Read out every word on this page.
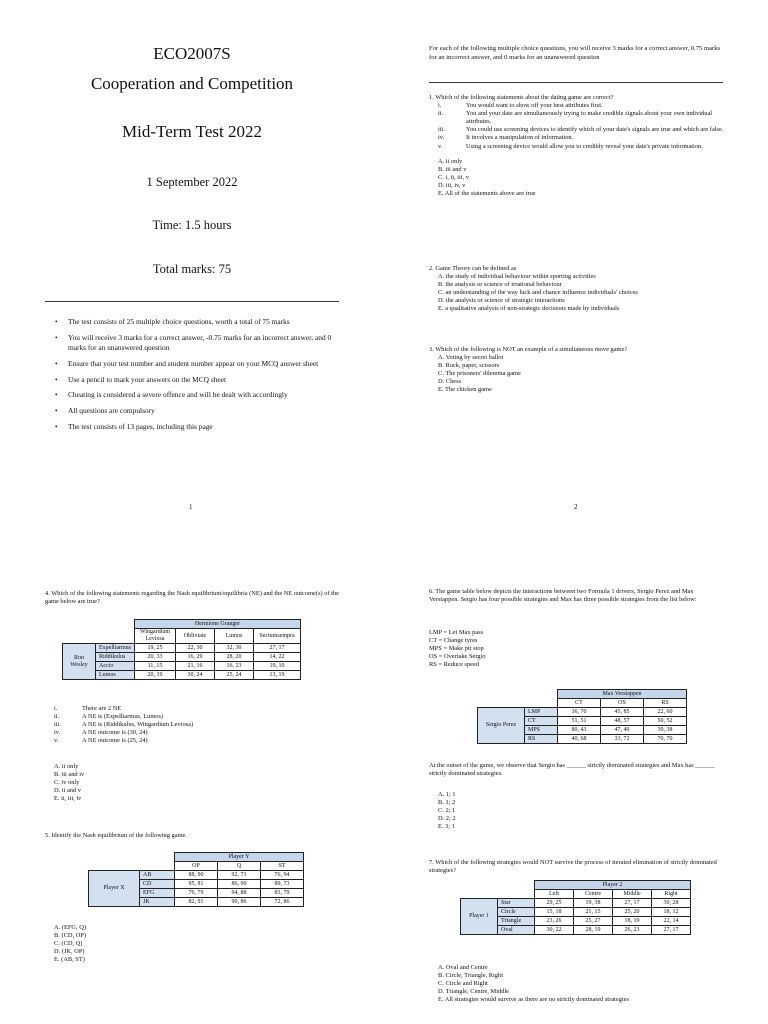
ECO2007S
Cooperation and Competition
Mid-Term Test 2022
1 September 2022
Time: 1.5 hours
Total marks: 75
• The test consists of 25 multiple choice questions, worth a total of 75 marks
• You will receive 3 marks for a correct answer, -0.75 marks for an incorrect answer, and 0 marks for an unanswered question
• Ensure that your test number and student number appear on your MCQ answer sheet
• Use a pencil to mark your answers on the MCQ sheet
• Cheating is considered a severe offence and will be dealt with accordingly
• All questions are compulsory
• The test consists of 13 pages, including this page
1
For each of the following multiple choice questions, you will receive 3 marks for a correct answer, 0.75 marks for an incorrect answer, and 0 marks for an unanswered question
1. Which of the following statements about the dating game are correct?
i.	You would want to show off your best attributes first.
ii.	You and your date are simultaneously trying to make credible signals about your own individual attributes.
iii.	You could use screening devices to identify which of your date's signals are true and which are false.
iv.	It involves a manipulation of information.
v.	Using a screening device would allow you to credibly reveal your date's private information.
A. ii only
B. iii and v
C. i, ii, iii, v
D. iii, iv, v
E. All of the statements above are true
2. Game Theory can be defined as
A. the study of individual behaviour within sporting activities
B. the analysis or science of irrational behaviour
C. an understanding of the way luck and chance influence individuals' choices
D. the analysis or science of strategic interactions
E. a qualitative analysis of non-strategic decisions made by individuals
3. Which of the following is NOT an example of a simultaneous move game?
A. Voting by secret ballot
B. Rock, paper, scissors
C. The prisoners' dilemma game
D. Chess
E. The chicken game
2
4. Which of the following statements regarding the Nash equilibrium/equilibria (NE) and the NE outcome(s) of the game below are true?
		Hermione Granger			
		Wingardium Leviosa	Obliviate	Lumos	Sectumsempra
Ron Wesley	Expelliarmus	19, 25	22, 30	32, 30	27, 17
	Riddikulus	20, 33	16, 29	28, 20	14, 22
	Accio	11, 15	21, 16	16, 23	19, 10
	Lumos	20, 19	30, 24	25, 24	13, 19
i.	There are 2 NE
ii.	A NE is (Expelliarmus, Lumos)
iii.	A NE is (Riddikulus, Wingardium Leviosa)
iv.	A NE outcome is (30, 24)
v.	A NE outcome is (25, 24)
A. ii only
B. iii and iv
C. iv only
D. ii and v
E. ii, iii, iv
5. Identify the Nash equilibrium of the following game.
		Player Y		
		OP	Q	ST
Player X	AB	88, 90	92, 73	76, 94
	CD	95, 81	86, 90	89, 73
	EFG	76, 79	94, 88	83, 79
	JK	82, 91	90, 86	72, 86
A. (EFG, Q)
B. (CD, OP)
C. (CD, Q)
D. (JK, OP)
E. (AB, ST)
6. The game table below depicts the interactions between two Formula 1 drivers, Sergio Perez and Max Verstappen. Sergio has four possible strategies and Max has three possible strategies from the list below:
LMP = Let Max pass
CT = Change tyres
MPS = Make pit stop
OS = Overtake Sergio
RS = Reduce speed
		Max Verstappen		
		CT	OS	RS
Sergio Perez	LMP	36, 70	45, 85	22, 60
	CT	51, 51	48, 57	50, 52
	MPS	80, 43	47, 40	39, 38
	RS	40, 68	33, 72	70, 70
At the outset of the game, we observe that Sergio has ______ strictly dominated strategies and Max has ______ strictly dominated strategies.
A. 1; 1
B. 1; 2
C. 2; 1
D. 2; 2
E. 3; 1
7. Which of the following strategies would NOT survive the process of iterated elimination of strictly dominated strategies?
		Player 2			
		Left	Centre	Middle	Right
Player 1	Star	29, 25	19, 38	27, 17	30, 28
	Circle	15, 18	21, 15	25, 20	18, 12
	Triangle	23, 26	25, 27	18, 19	22, 14
	Oval	30, 22	28, 19	26, 23	27, 17
A. Oval and Centre
B. Circle, Triangle, Right
C. Circle and Right
D. Triangle, Centre, Middle
E. All strategies would survive as there are no strictly dominated strategies
